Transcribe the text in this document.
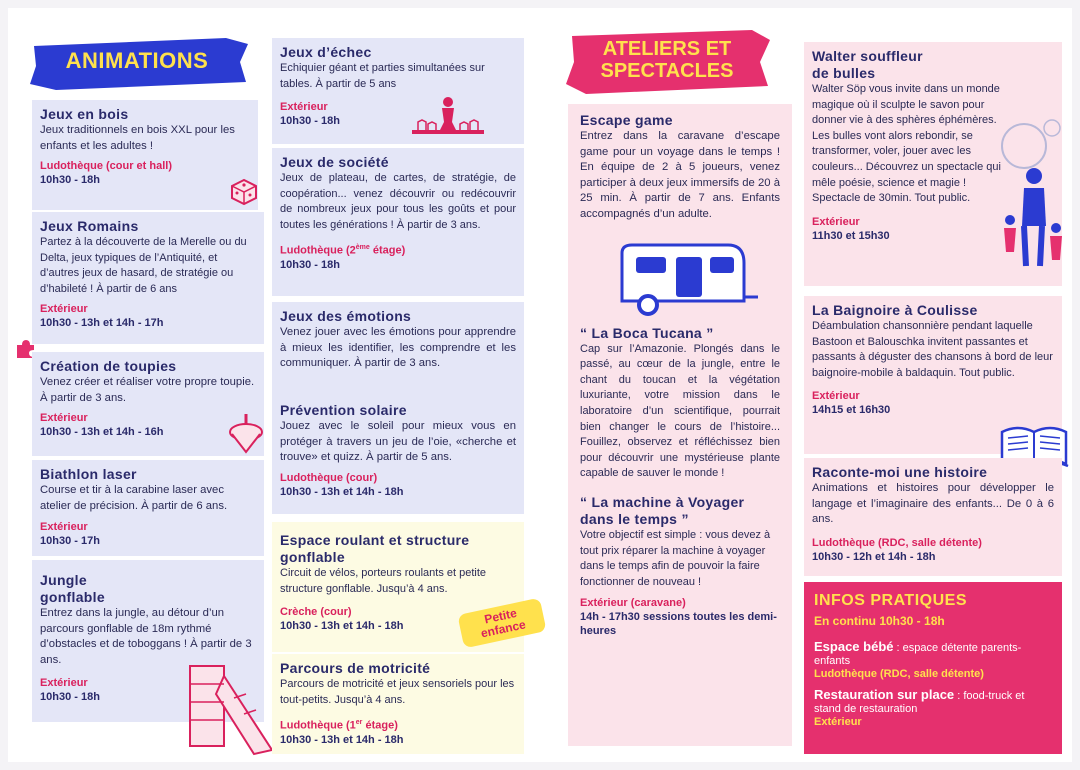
ANIMATIONS
Jeux en bois
Jeux traditionnels en bois XXL pour les enfants et les adultes !
Ludothèque (cour et hall)
10h30 - 18h
Jeux Romains
Partez à la découverte de la Merelle ou du Delta, jeux typiques de l’Antiquité, et d’autres jeux de hasard, de stratégie ou d’habileté ! À partir de 6 ans
Extérieur
10h30 - 13h et 14h - 17h
Création de toupies
Venez créer et réaliser votre propre toupie. À partir de 3 ans.
Extérieur
10h30 - 13h et 14h - 16h
Biathlon laser
Course et tir à la carabine laser avec atelier de précision. À partir de 6 ans.
Extérieur
10h30 - 17h
Jungle
gonflable
Entrez dans la jungle, au détour d’un parcours gonflable de 18m rythmé d’obstacles et de toboggans ! À partir de 3 ans.
Extérieur
10h30 - 18h
Jeux d’échec
Echiquier géant et parties simultanées sur tables. À partir de 5 ans
Extérieur
10h30 - 18h
Jeux de société
Jeux de plateau, de cartes, de stratégie, de coopération... venez découvrir ou redécouvrir de nombreux jeux pour tous les goûts et pour toutes les générations ! À partir de 3 ans.
Ludothèque (2ème étage)
10h30 - 18h
Jeux des émotions
Venez jouer avec les émotions pour apprendre à mieux les identifier, les comprendre et les communiquer. À partir de 3 ans.
Prévention solaire
Jouez avec le soleil pour mieux vous en protéger à travers un jeu de l’oie, «cherche et trouve» et quizz. À partir de 5 ans.
Ludothèque (cour)
10h30 - 13h et 14h - 18h
Espace roulant et structure
gonflable
Circuit de vélos, porteurs roulants et petite structure gonflable. Jusqu’à 4 ans.
Crèche (cour)
10h30 - 13h et 14h - 18h	Petite enfance
Parcours de motricité
Parcours de motricité et jeux sensoriels pour les tout-petits. Jusqu’à 4 ans.
Ludothèque (1er étage)
10h30 - 13h et 14h - 18h
ATELIERS ET
SPECTACLES
Escape game
Entrez dans la caravane d’escape game pour un voyage dans le temps ! En équipe de 2 à 5 joueurs, venez participer à deux jeux immersifs de 20 à 25 min. À partir de 7 ans. Enfants accompagnés d’un adulte.
“ La Boca Tucana ”
Cap sur l’Amazonie. Plongés dans le passé, au cœur de la jungle, entre le chant du toucan et la végétation luxuriante, votre mission dans le laboratoire d’un scientifique, pourrait bien changer le cours de l’histoire... Fouillez, observez et réfléchissez bien pour découvrir une mystérieuse plante capable de sauver le monde !
“ La machine à Voyager
dans le temps ”
Votre objectif est simple : vous devez à tout prix réparer la machine à voyager dans le temps afin de pouvoir la faire fonctionner de nouveau !
Extérieur (caravane)
14h - 17h30 sessions toutes les demi-heures
Walter souffleur
de bulles
Walter Söp vous invite dans un monde magique où il sculpte le savon pour donner vie à des sphères éphémères. Les bulles vont alors rebondir, se transformer, voler, jouer avec les couleurs... Découvrez un spectacle qui mêle poésie, science et magie ! Spectacle de 30min. Tout public.
Extérieur
11h30 et 15h30
La Baignoire à Coulisse
Déambulation chansonnière pendant laquelle Bastoon et Balouschka invitent passantes et passants à déguster des chansons à bord de leur baignoire-mobile à baldaquin. Tout public.
Extérieur
14h15 et 16h30
Raconte-moi une histoire
Animations et histoires pour développer le langage et l’imaginaire des enfants... De 0 à 6 ans.
Ludothèque (RDC, salle détente)
10h30 - 12h et 14h - 18h
INFOS PRATIQUES
En continu 10h30 - 18h
Espace bébé : espace détente parents-enfants
Ludothèque (RDC, salle détente)
Restauration sur place : food-truck et stand de restauration
Extérieur
